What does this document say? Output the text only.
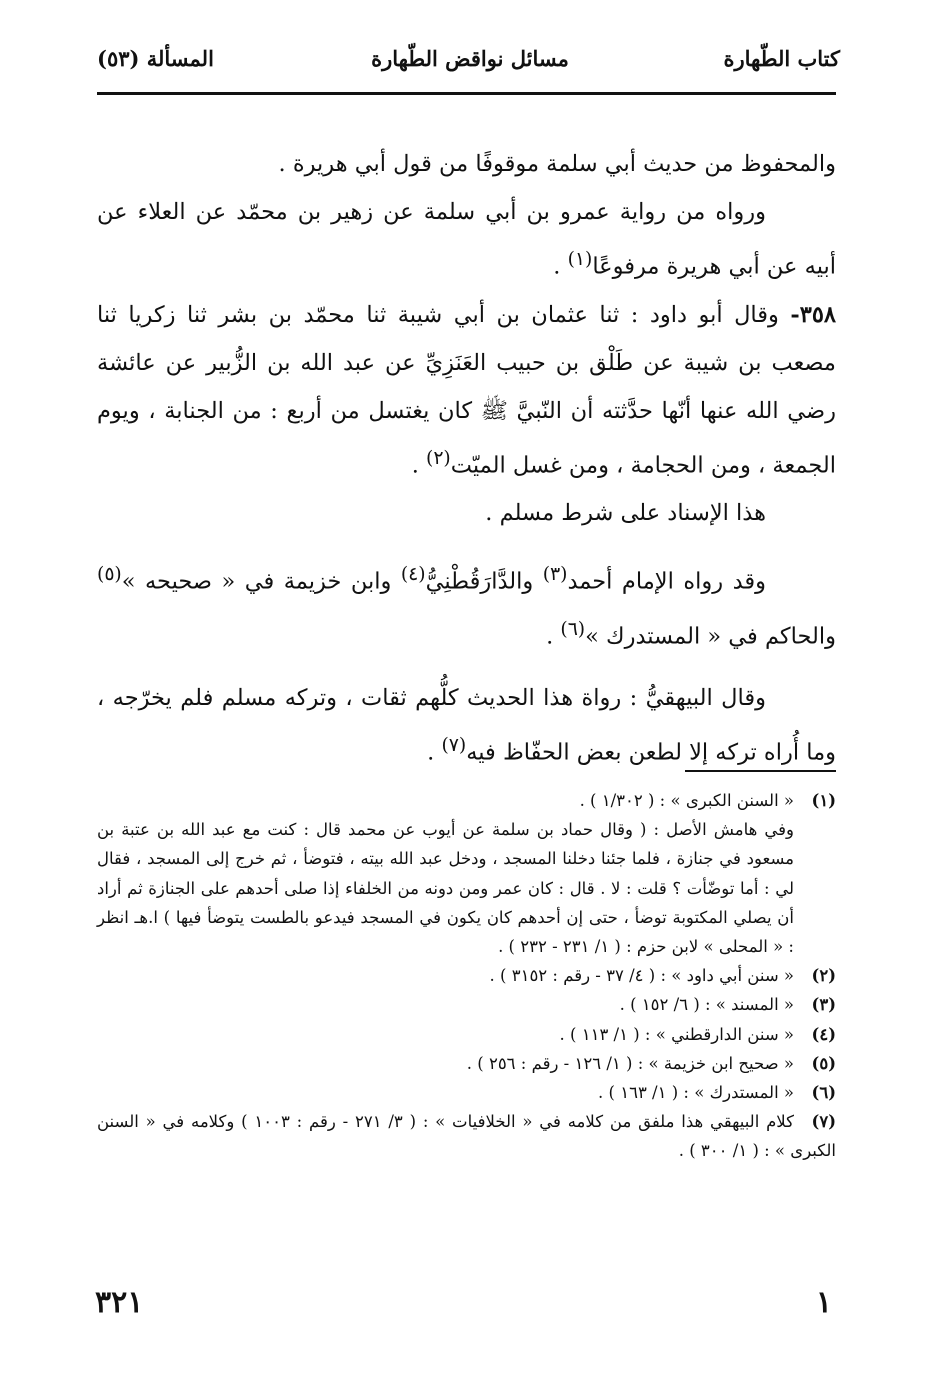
كتاب الطّهارة
مسائل نواقض الطّهارة
المسألة (٥٣)

والمحفوظ من حديث أبي سلمة موقوفًا من قول أبي هريرة .

ورواه من رواية عمرو بن أبي سلمة عن زهير بن محمّد عن العلاء عن أبيه عن أبي هريرة مرفوعًا$^{(١)}$ .

٣٥٨- وقال أبو داود : ثنا عثمان بن أبي شيبة ثنا محمّد بن بشر ثنا زكريا ثنا مصعب بن شيبة عن طَلْق بن حبيب العَنَزِيِّ عن عبد الله بن الزُّبير عن عائشة رضي الله عنها أنّها حدَّثته أن النّبيَّ ﷺ كان يغتسل من أربع : من الجنابة ، ويوم الجمعة ، ومن الحجامة ، ومن غسل الميّت$^{(٢)}$ .

هذا الإسناد على شرط مسلم .

وقد رواه الإمام أحمد$^{(٣)}$ والدَّارَقُطْنِيُّ$^{(٤)}$ وابن خزيمة في « صحيحه »$^{(٥)}$ والحاكم في « المستدرك »$^{(٦)}$ .

وقال البيهقيُّ : رواة هذا الحديث كلُّهم ثقات ، وتركه مسلم فلم يخرّجه ، وما أُراه تركه إلا لطعن بعض الحفّاظ فيه$^{(٧)}$ .

(١)« السنن الكبرى » : ( ١/٣٠٢ ) .

وفي هامش الأصل : ( وقال حماد بن سلمة عن أيوب عن محمد قال : كنت مع عبد الله بن عتبة بن مسعود في جنازة ، فلما جئنا دخلنا المسجد ، ودخل عبد الله بيته ، فتوضأ ، ثم خرج إلى المسجد ، فقال لي : أما توضّأت ؟ قلت : لا . قال : كان عمر ومن دونه من الخلفاء إذا صلى أحدهم على الجنازة ثم أراد أن يصلي المكتوبة توضأ ، حتى إن أحدهم كان يكون في المسجد فيدعو بالطست يتوضأ فيها ) ا.هـ انظر : « المحلى » لابن حزم : ( ١/ ٢٣١ - ٢٣٢ ) .

(٢)« سنن أبي داود » : ( ٤/ ٣٧ - رقم : ٣١٥٢ ) .

(٣)« المسند » : ( ٦/ ١٥٢ ) .

(٤)« سنن الدارقطني » : ( ١/ ١١٣ ) .

(٥)« صحيح ابن خزيمة » : ( ١/ ١٢٦ - رقم : ٢٥٦ ) .

(٦)« المستدرك » : ( ١/ ١٦٣ ) .

(٧)كلام البيهقي هذا ملفق من كلامه في « الخلافيات » : ( ٣/ ٢٧١ - رقم : ١٠٠٣ ) وكلامه في « السنن الكبرى » : ( ١/ ٣٠٠ ) .

٣٢١	١
